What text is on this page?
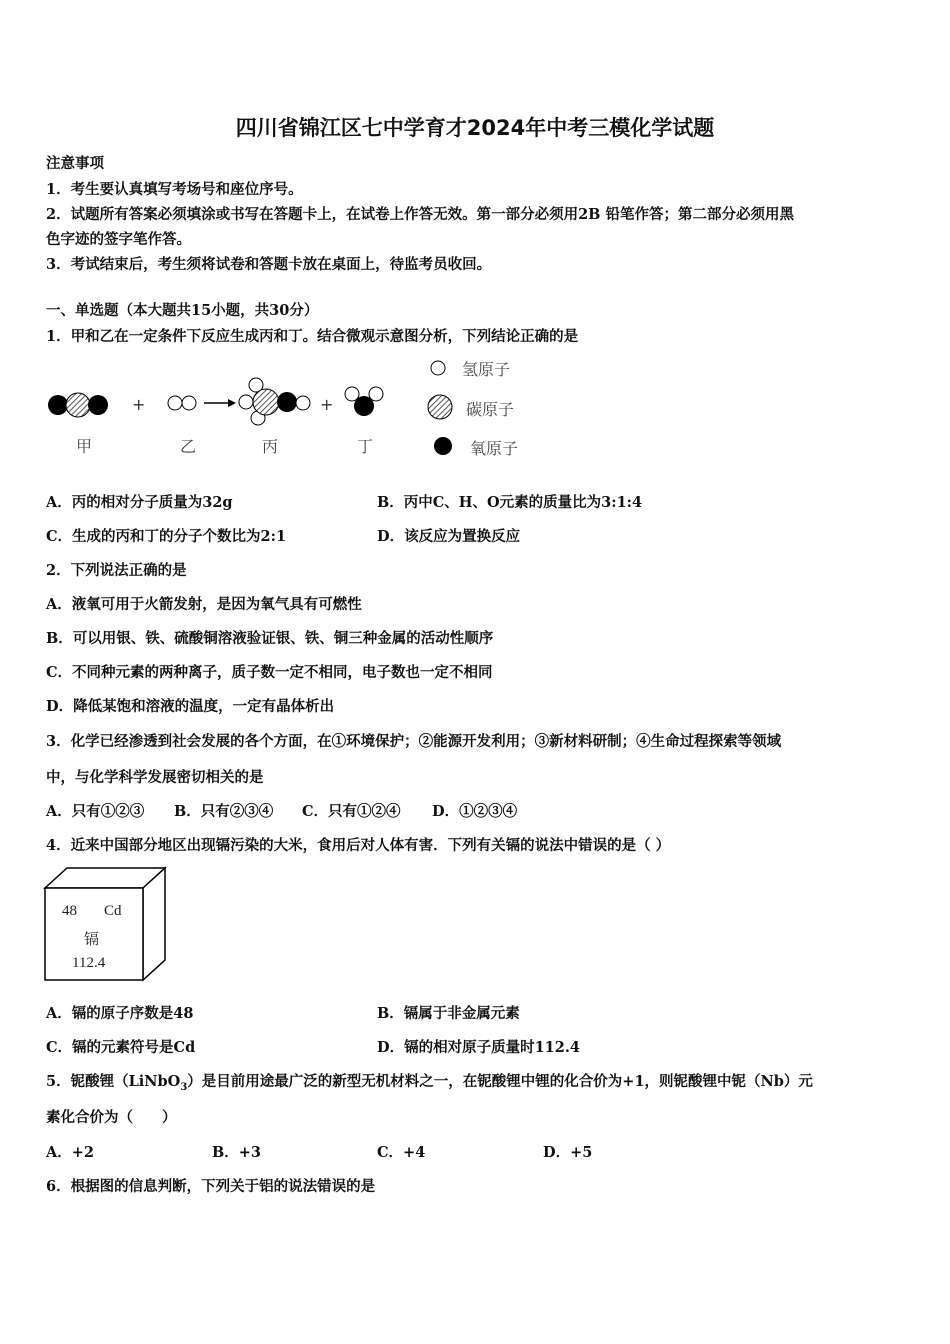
四川省锦江区七中学育才2024年中考三模化学试题
注意事项
1．考生要认真填写考场号和座位序号。
2．试题所有答案必须填涂或书写在答题卡上，在试卷上作答无效。第一部分必须用2B 铅笔作答；第二部分必须用黑
色字迹的签字笔作答。
3．考试结束后，考生须将试卷和答题卡放在桌面上，待监考员收回。
一、单选题（本大题共15小题，共30分）
1．甲和乙在一定条件下反应生成丙和丁。结合微观示意图分析，下列结论正确的是
+	+
甲	乙	丙	丁
氢原子
碳原子
氧原子
A．丙的相对分子质量为32g	B．丙中C、H、O元素的质量比为3:1:4
C．生成的丙和丁的分子个数比为2:1	D．该反应为置换反应
2．下列说法正确的是
A．液氧可用于火箭发射，是因为氧气具有可燃性
B．可以用银、铁、硫酸铜溶液验证银、铁、铜三种金属的活动性顺序
C．不同种元素的两种离子，质子数一定不相同，电子数也一定不相同
D．降低某饱和溶液的温度，一定有晶体析出
3．化学已经渗透到社会发展的各个方面，在①环境保护；②能源开发利用；③新材料研制；④生命过程探索等领域
中，与化学科学发展密切相关的是
A．只有①②③ B．只有②③④ C．只有①②④ D．①②③④
4．近来中国部分地区出现镉污染的大米，食用后对人体有害．下列有关镉的说法中错误的是（ ）
48 Cd
镉
112.4
A．镉的原子序数是48	B．镉属于非金属元素
C．镉的元素符号是Cd	D．镉的相对原子质量时112.4
5．铌酸锂（LiNbO$_3$）是目前用途最广泛的新型无机材料之一，在铌酸锂中锂的化合价为+1，则铌酸锂中铌（Nb）元
素化合价为（　　）
A．+2	B．+3	C．+4	D．+5
6．根据图的信息判断，下列关于铝的说法错误的是
